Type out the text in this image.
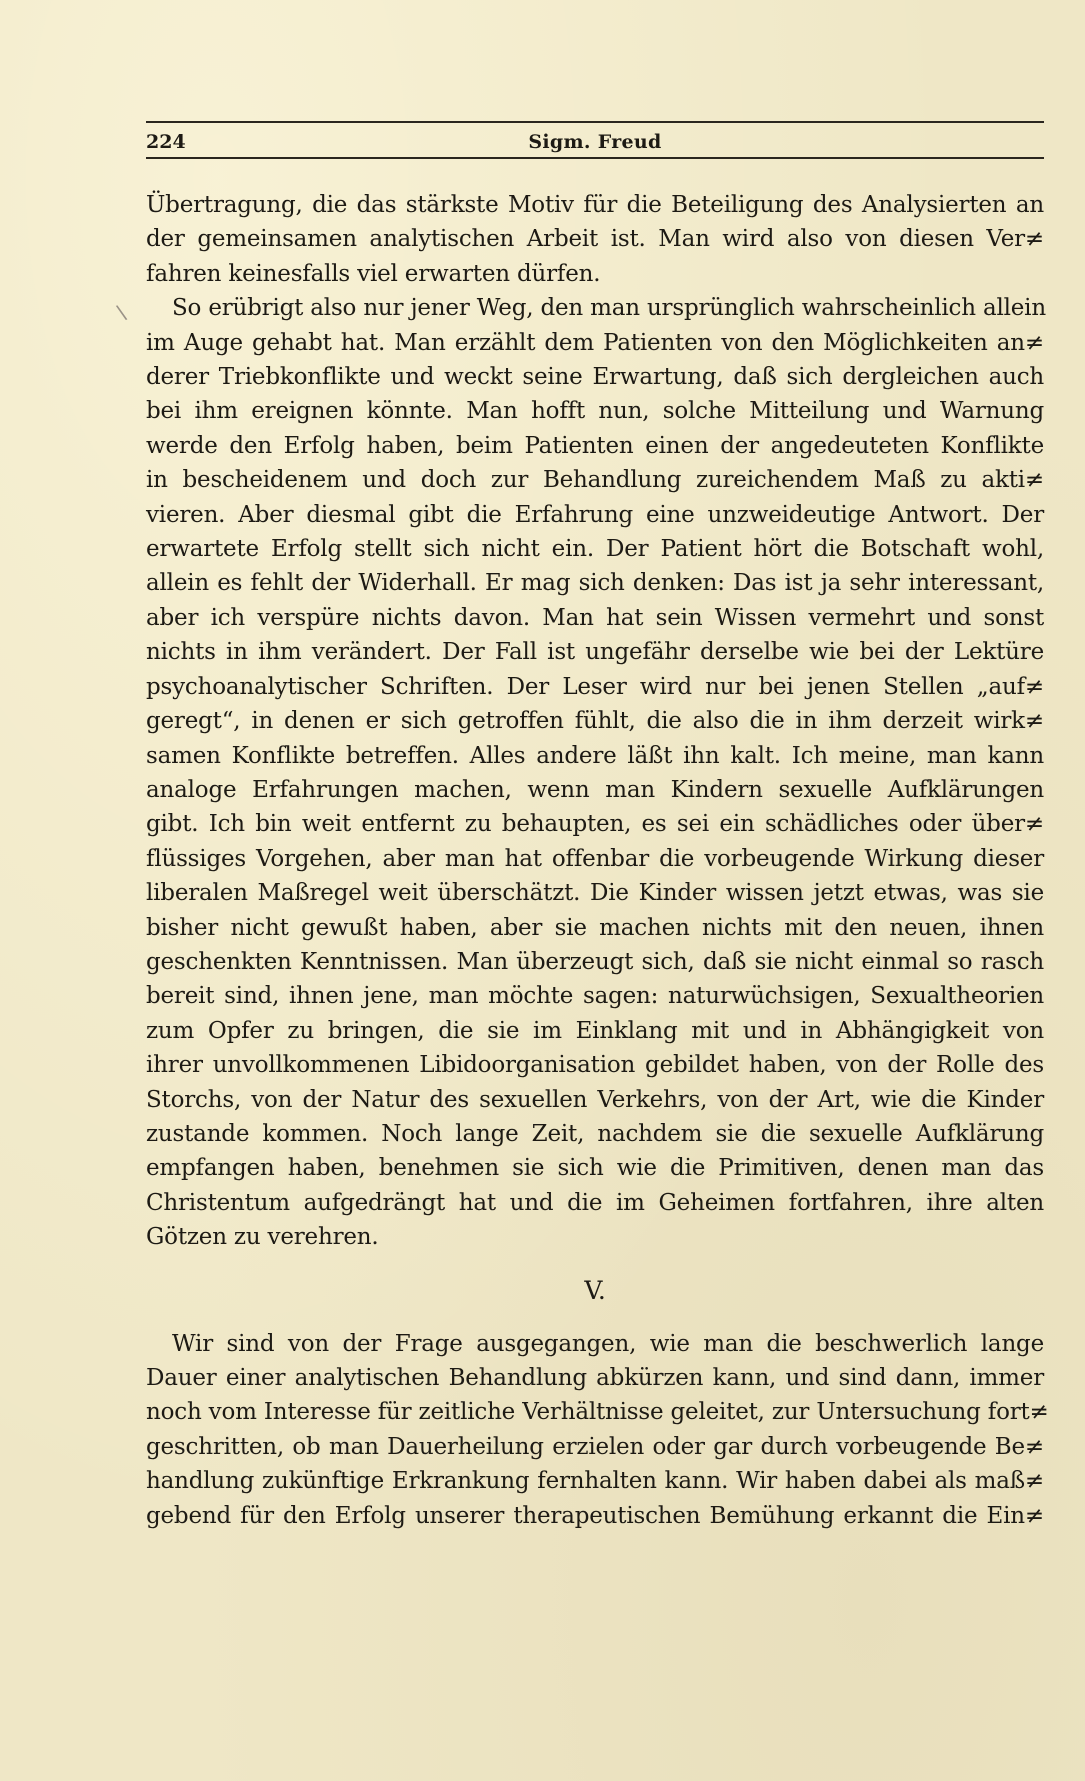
\
224	Sigm. Freud

Übertragung, die das stärkste Motiv für die Beteiligung des Analysierten an

der gemeinsamen analytischen Arbeit ist. Man wird also von diesen Ver≠

fahren keinesfalls viel erwarten dürfen.

So erübrigt also nur jener Weg, den man ursprünglich wahrscheinlich allein

im Auge gehabt hat. Man erzählt dem Patienten von den Möglichkeiten an≠

derer Triebkonflikte und weckt seine Erwartung, daß sich dergleichen auch

bei ihm ereignen könnte. Man hofft nun, solche Mitteilung und Warnung

werde den Erfolg haben, beim Patienten einen der angedeuteten Konflikte

in bescheidenem und doch zur Behandlung zureichendem Maß zu akti≠

vieren. Aber diesmal gibt die Erfahrung eine unzweideutige Antwort. Der

erwartete Erfolg stellt sich nicht ein. Der Patient hört die Botschaft wohl,

allein es fehlt der Widerhall. Er mag sich denken: Das ist ja sehr interessant,

aber ich verspüre nichts davon. Man hat sein Wissen vermehrt und sonst

nichts in ihm verändert. Der Fall ist ungefähr derselbe wie bei der Lektüre

psychoanalytischer Schriften. Der Leser wird nur bei jenen Stellen „auf≠

geregt“, in denen er sich getroffen fühlt, die also die in ihm derzeit wirk≠

samen Konflikte betreffen. Alles andere läßt ihn kalt. Ich meine, man kann

analoge Erfahrungen machen, wenn man Kindern sexuelle Aufklärungen

gibt. Ich bin weit entfernt zu behaupten, es sei ein schädliches oder über≠

flüssiges Vorgehen, aber man hat offenbar die vorbeugende Wirkung dieser

liberalen Maßregel weit überschätzt. Die Kinder wissen jetzt etwas, was sie

bisher nicht gewußt haben, aber sie machen nichts mit den neuen, ihnen

geschenkten Kenntnissen. Man überzeugt sich, daß sie nicht einmal so rasch

bereit sind, ihnen jene, man möchte sagen: naturwüchsigen, Sexualtheorien

zum Opfer zu bringen, die sie im Einklang mit und in Abhängigkeit von

ihrer unvollkommenen Libidoorganisation gebildet haben, von der Rolle des

Storchs, von der Natur des sexuellen Verkehrs, von der Art, wie die Kinder

zustande kommen. Noch lange Zeit, nachdem sie die sexuelle Aufklärung

empfangen haben, benehmen sie sich wie die Primitiven, denen man das

Christentum aufgedrängt hat und die im Geheimen fortfahren, ihre alten

Götzen zu verehren.

V.

Wir sind von der Frage ausgegangen, wie man die beschwerlich lange

Dauer einer analytischen Behandlung abkürzen kann, und sind dann, immer

noch vom Interesse für zeitliche Verhältnisse geleitet, zur Untersuchung fort≠

geschritten, ob man Dauerheilung erzielen oder gar durch vorbeugende Be≠

handlung zukünftige Erkrankung fernhalten kann. Wir haben dabei als maß≠

gebend für den Erfolg unserer therapeutischen Bemühung erkannt die Ein≠
